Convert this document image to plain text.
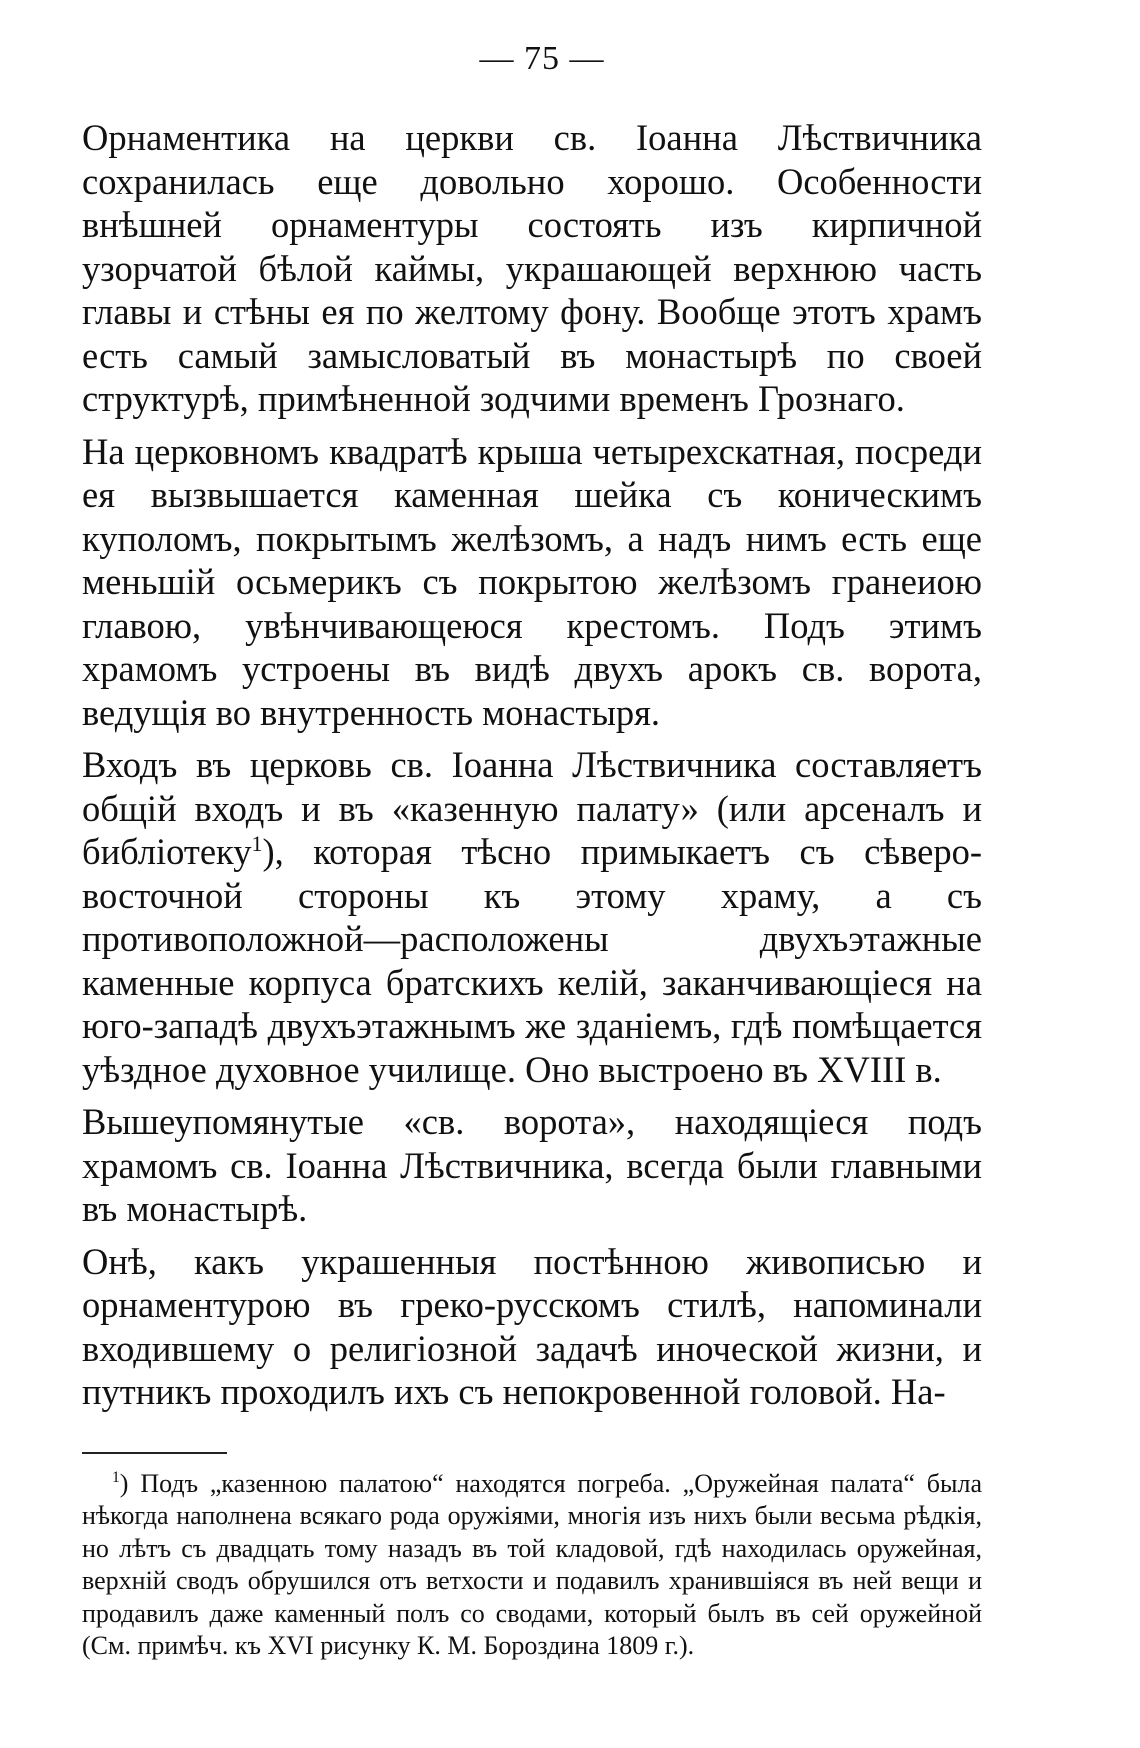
— 75 —

Орнаментика на церкви св. Іоанна Лѣствичника сохранилась еще довольно хорошо. Особенности внѣшней орнаментуры состоять изъ кирпичной узорчатой бѣлой каймы, украшающей верхнюю часть главы и стѣны ея по желтому фону. Вообще этотъ храмъ есть самый замысловатый въ монастырѣ по своей структурѣ, примѣненной зодчими временъ Грознаго.

На церковномъ квадратѣ крыша четырехскатная, посреди ея вызвышается каменная шейка съ коническимъ куполомъ, покрытымъ желѣзомъ, а надъ нимъ есть еще меньшій осьмерикъ съ покрытою желѣзомъ гранеиою главою, увѣнчивающеюся крестомъ. Подъ этимъ храмомъ устроены въ видѣ двухъ арокъ св. ворота, ведущія во внутренность монастыря.

Входъ въ церковь св. Іоанна Лѣствичника составляетъ общій входъ и въ «казенную палату» (или арсеналъ и библіотеку$^1$), которая тѣсно примыкаетъ съ сѣверо-восточной стороны къ этому храму, а съ противоположной—расположены двухъэтажные каменные корпуса братскихъ келій, заканчивающіеся на юго-западѣ двухъэтажнымъ же зданіемъ, гдѣ помѣщается уѣздное духовное училище. Оно выстроено въ XVIII в.

Вышеупомянутые «св. ворота», находящіеся подъ храмомъ св. Іоанна Лѣствичника, всегда были главными въ монастырѣ.

Онѣ, какъ украшенныя постѣнною живописью и орнаментурою въ греко-русскомъ стилѣ, напоминали входившему о религіозной задачѣ иноческой жизни, и путникъ проходилъ ихъ съ непокровенной головой. На-

$^1$) Подъ „казенною палатою“ находятся погреба. „Оружейная палата“ была нѣкогда наполнена всякаго рода оружіями, многія изъ нихъ были весьма рѣдкія, но лѣтъ съ двадцать тому назадъ въ той кладовой, гдѣ находилась оружейная, верхній сводъ обрушился отъ ветхости и подавилъ хранившіяся въ ней вещи и продавилъ даже каменный полъ со сводами, который былъ въ сей оружейной (См. примѣч. къ XVI рисунку К. М. Бороздина 1809 г.).
